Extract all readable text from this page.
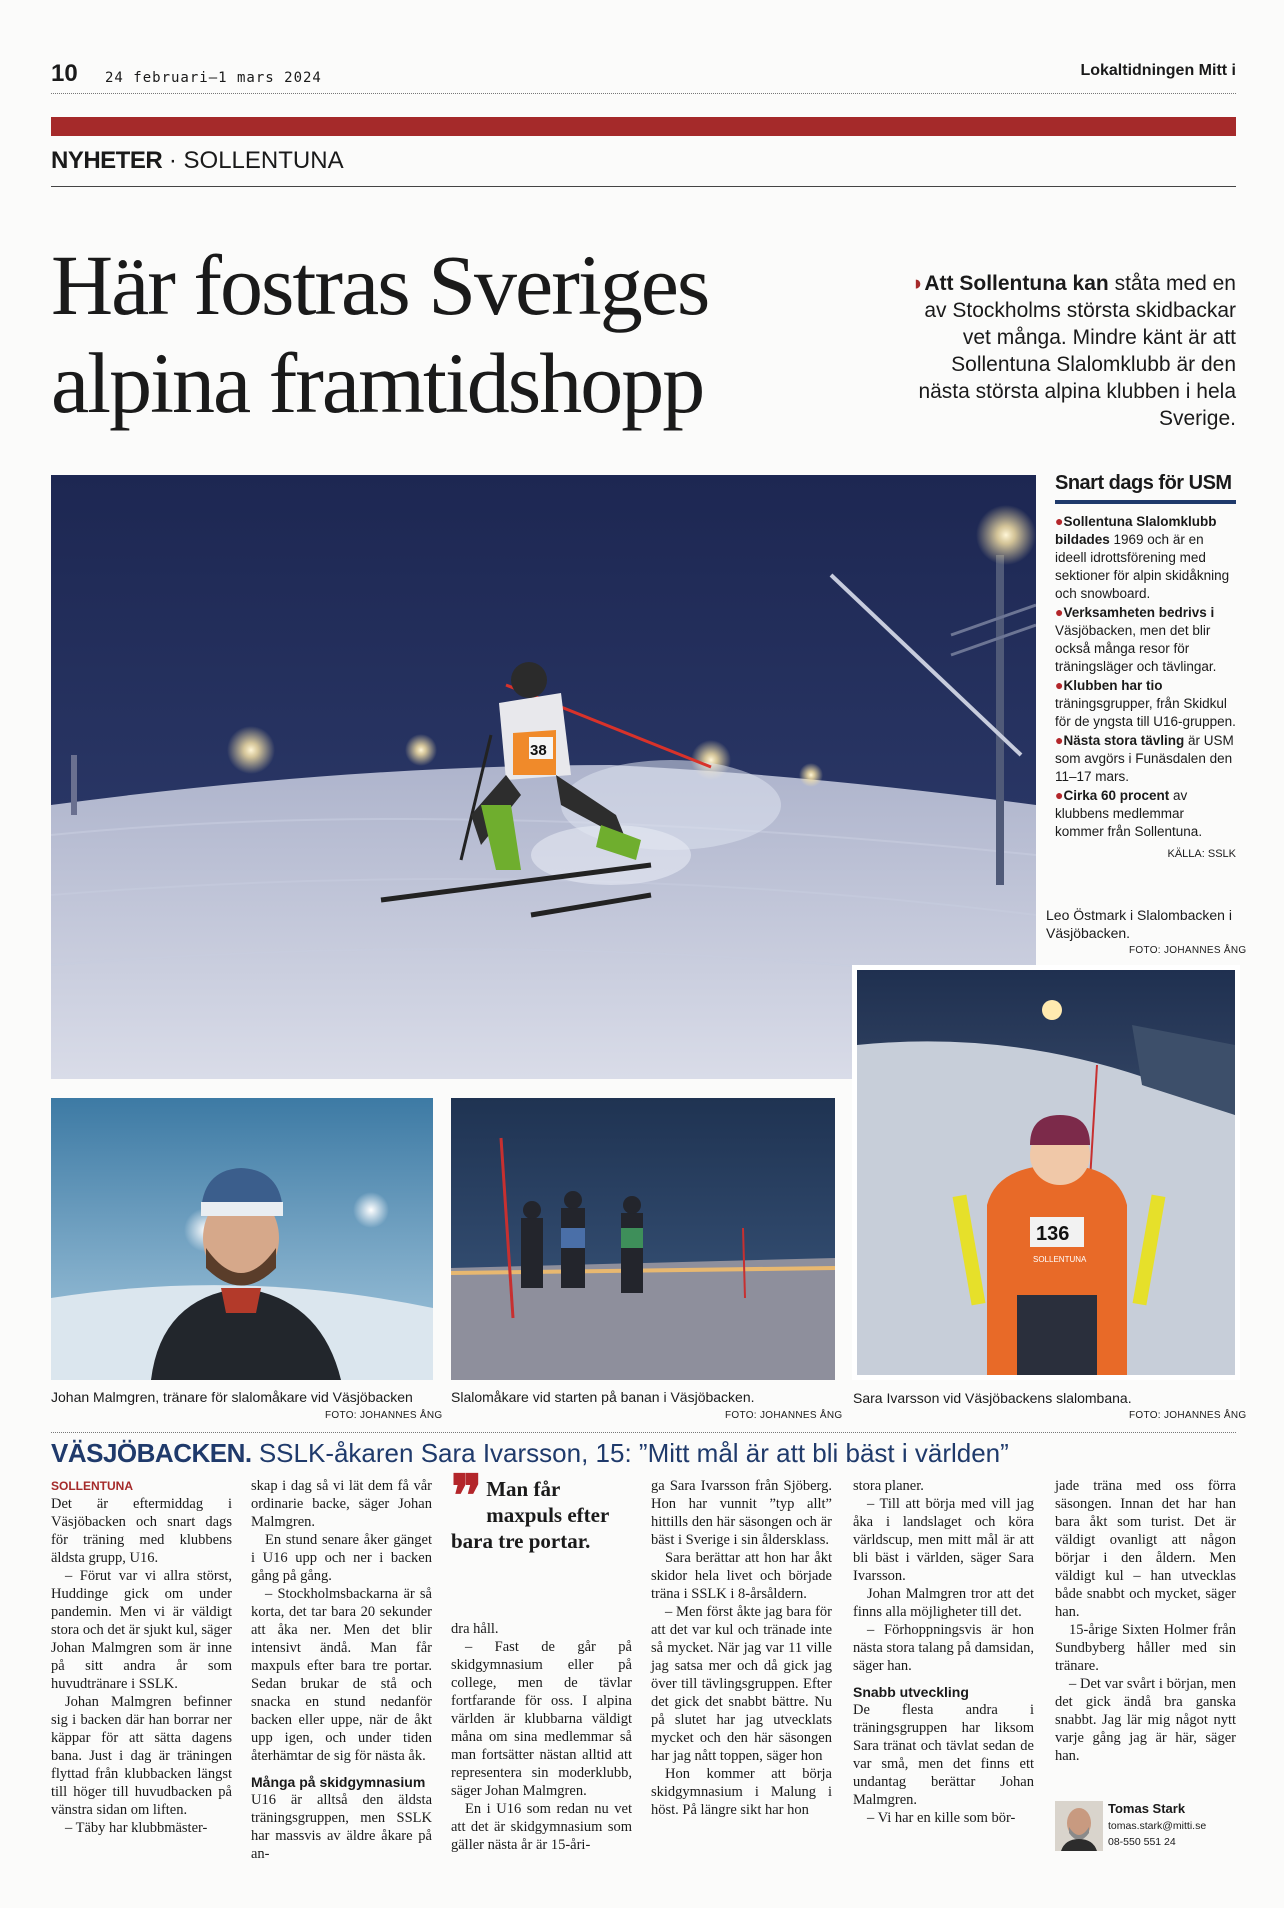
10 24 februari–1 mars 2024	Lokaltidningen Mitt i
NYHETER · SOLLENTUNA
Här fostras Sveriges
alpina framtidshopp
◗Att Sollentuna kan ståta med en av Stockholms största skidbackar vet många. Mindre känt är att Sollentuna Slalomklubb är den nästa största alpina klubben i hela Sverige.
38
Snart dags för USM

●Sollentuna Slalomklubb bildades 1969 och är en ideell idrottsförening med sektioner för alpin skidåkning och snowboard.

●Verksamheten bedrivs i Väsjöbacken, men det blir också många resor för träningsläger och tävlingar.

●Klubben har tio träningsgrupper, från Skidkul för de yngsta till U16-gruppen.

●Nästa stora tävling är USM som avgörs i Funäsdalen den 11–17 mars.

●Cirka 60 procent av klubbens medlemmar kommer från Sollentuna.

KÄLLA: SSLK
Leo Östmark i Slalombacken i Väsjöbacken.
FOTO: JOHANNES ÅNG
136
SOLLENTUNA
Sara Ivarsson vid Väsjöbackens slalombana.
FOTO: JOHANNES ÅNG
Johan Malmgren, tränare för slalomåkare vid Väsjöbacken
FOTO: JOHANNES ÅNG
Slalomåkare vid starten på banan i Väsjöbacken.
FOTO: JOHANNES ÅNG
VÄSJÖBACKEN. SSLK-åkaren Sara Ivarsson, 15: ”Mitt mål är att bli bäst i världen”

SOLLENTUNA

Det är eftermiddag i Väsjöbacken och snart dags för träning med klubbens äldsta grupp, U16.

– Förut var vi allra störst, Huddinge gick om under pandemin. Men vi är väldigt stora och det är sjukt kul, säger Johan Malmgren som är inne på sitt andra år som huvudtränare i SSLK.

Johan Malmgren befinner sig i backen där han borrar ner käppar för att sätta dagens bana. Just i dag är träningen flyttad från klubbacken längst till höger till huvudbacken på vänstra sidan om liften.

– Täby har klubbmäster-

skap i dag så vi lät dem få vår ordinarie backe, säger Johan Malmgren.

En stund senare åker gänget i U16 upp och ner i backen gång på gång.

– Stockholmsbackarna är så korta, det tar bara 20 sekunder att åka ner. Men det blir intensivt ändå. Man får maxpuls efter bara tre portar. Sedan brukar de stå och snacka en stund nedanför backen eller uppe, när de åkt upp igen, och under tiden återhämtar de sig för nästa åk.

Många på skidgymnasium

U16 är alltså den äldsta träningsgruppen, men SSLK har massvis av äldre åkare på an-

❞ Man får maxpuls efter bara tre portar.

dra håll.

– Fast de går på skidgymnasium eller på college, men de tävlar fortfarande för oss. I alpina världen är klubbarna väldigt måna om sina medlemmar så man fortsätter nästan alltid att representera sin moderklubb, säger Johan Malmgren.

En i U16 som redan nu vet att det är skidgymnasium som gäller nästa år är 15-åri-

ga Sara Ivarsson från Sjöberg. Hon har vunnit ”typ allt” hittills den här säsongen och är bäst i Sverige i sin åldersklass.

Sara berättar att hon har åkt skidor hela livet och började träna i SSLK i 8-årsåldern.

– Men först åkte jag bara för att det var kul och tränade inte så mycket. När jag var 11 ville jag satsa mer och då gick jag över till tävlingsgruppen. Efter det gick det snabbt bättre. Nu på slutet har jag utvecklats mycket och den här säsongen har jag nått toppen, säger hon

Hon kommer att börja skidgymnasium i Malung i höst. På längre sikt har hon

stora planer.

– Till att börja med vill jag åka i landslaget och köra världscup, men mitt mål är att bli bäst i världen, säger Sara Ivarsson.

Johan Malmgren tror att det finns alla möjligheter till det.

– Förhoppningsvis är hon nästa stora talang på damsidan, säger han.

Snabb utveckling

De flesta andra i träningsgruppen har liksom Sara tränat och tävlat sedan de var små, men det finns ett undantag berättar Johan Malmgren.

– Vi har en kille som bör-

jade träna med oss förra säsongen. Innan det har han bara åkt som turist. Det är väldigt ovanligt att någon börjar i den åldern. Men väldigt kul – han utvecklas både snabbt och mycket, säger han.

15-årige Sixten Holmer från Sundbyberg håller med sin tränare.

– Det var svårt i början, men det gick ändå bra ganska snabbt. Jag lär mig något nytt varje gång jag är här, säger han.

Tomas Stark
tomas.stark@mitti.se
08-550 551 24
